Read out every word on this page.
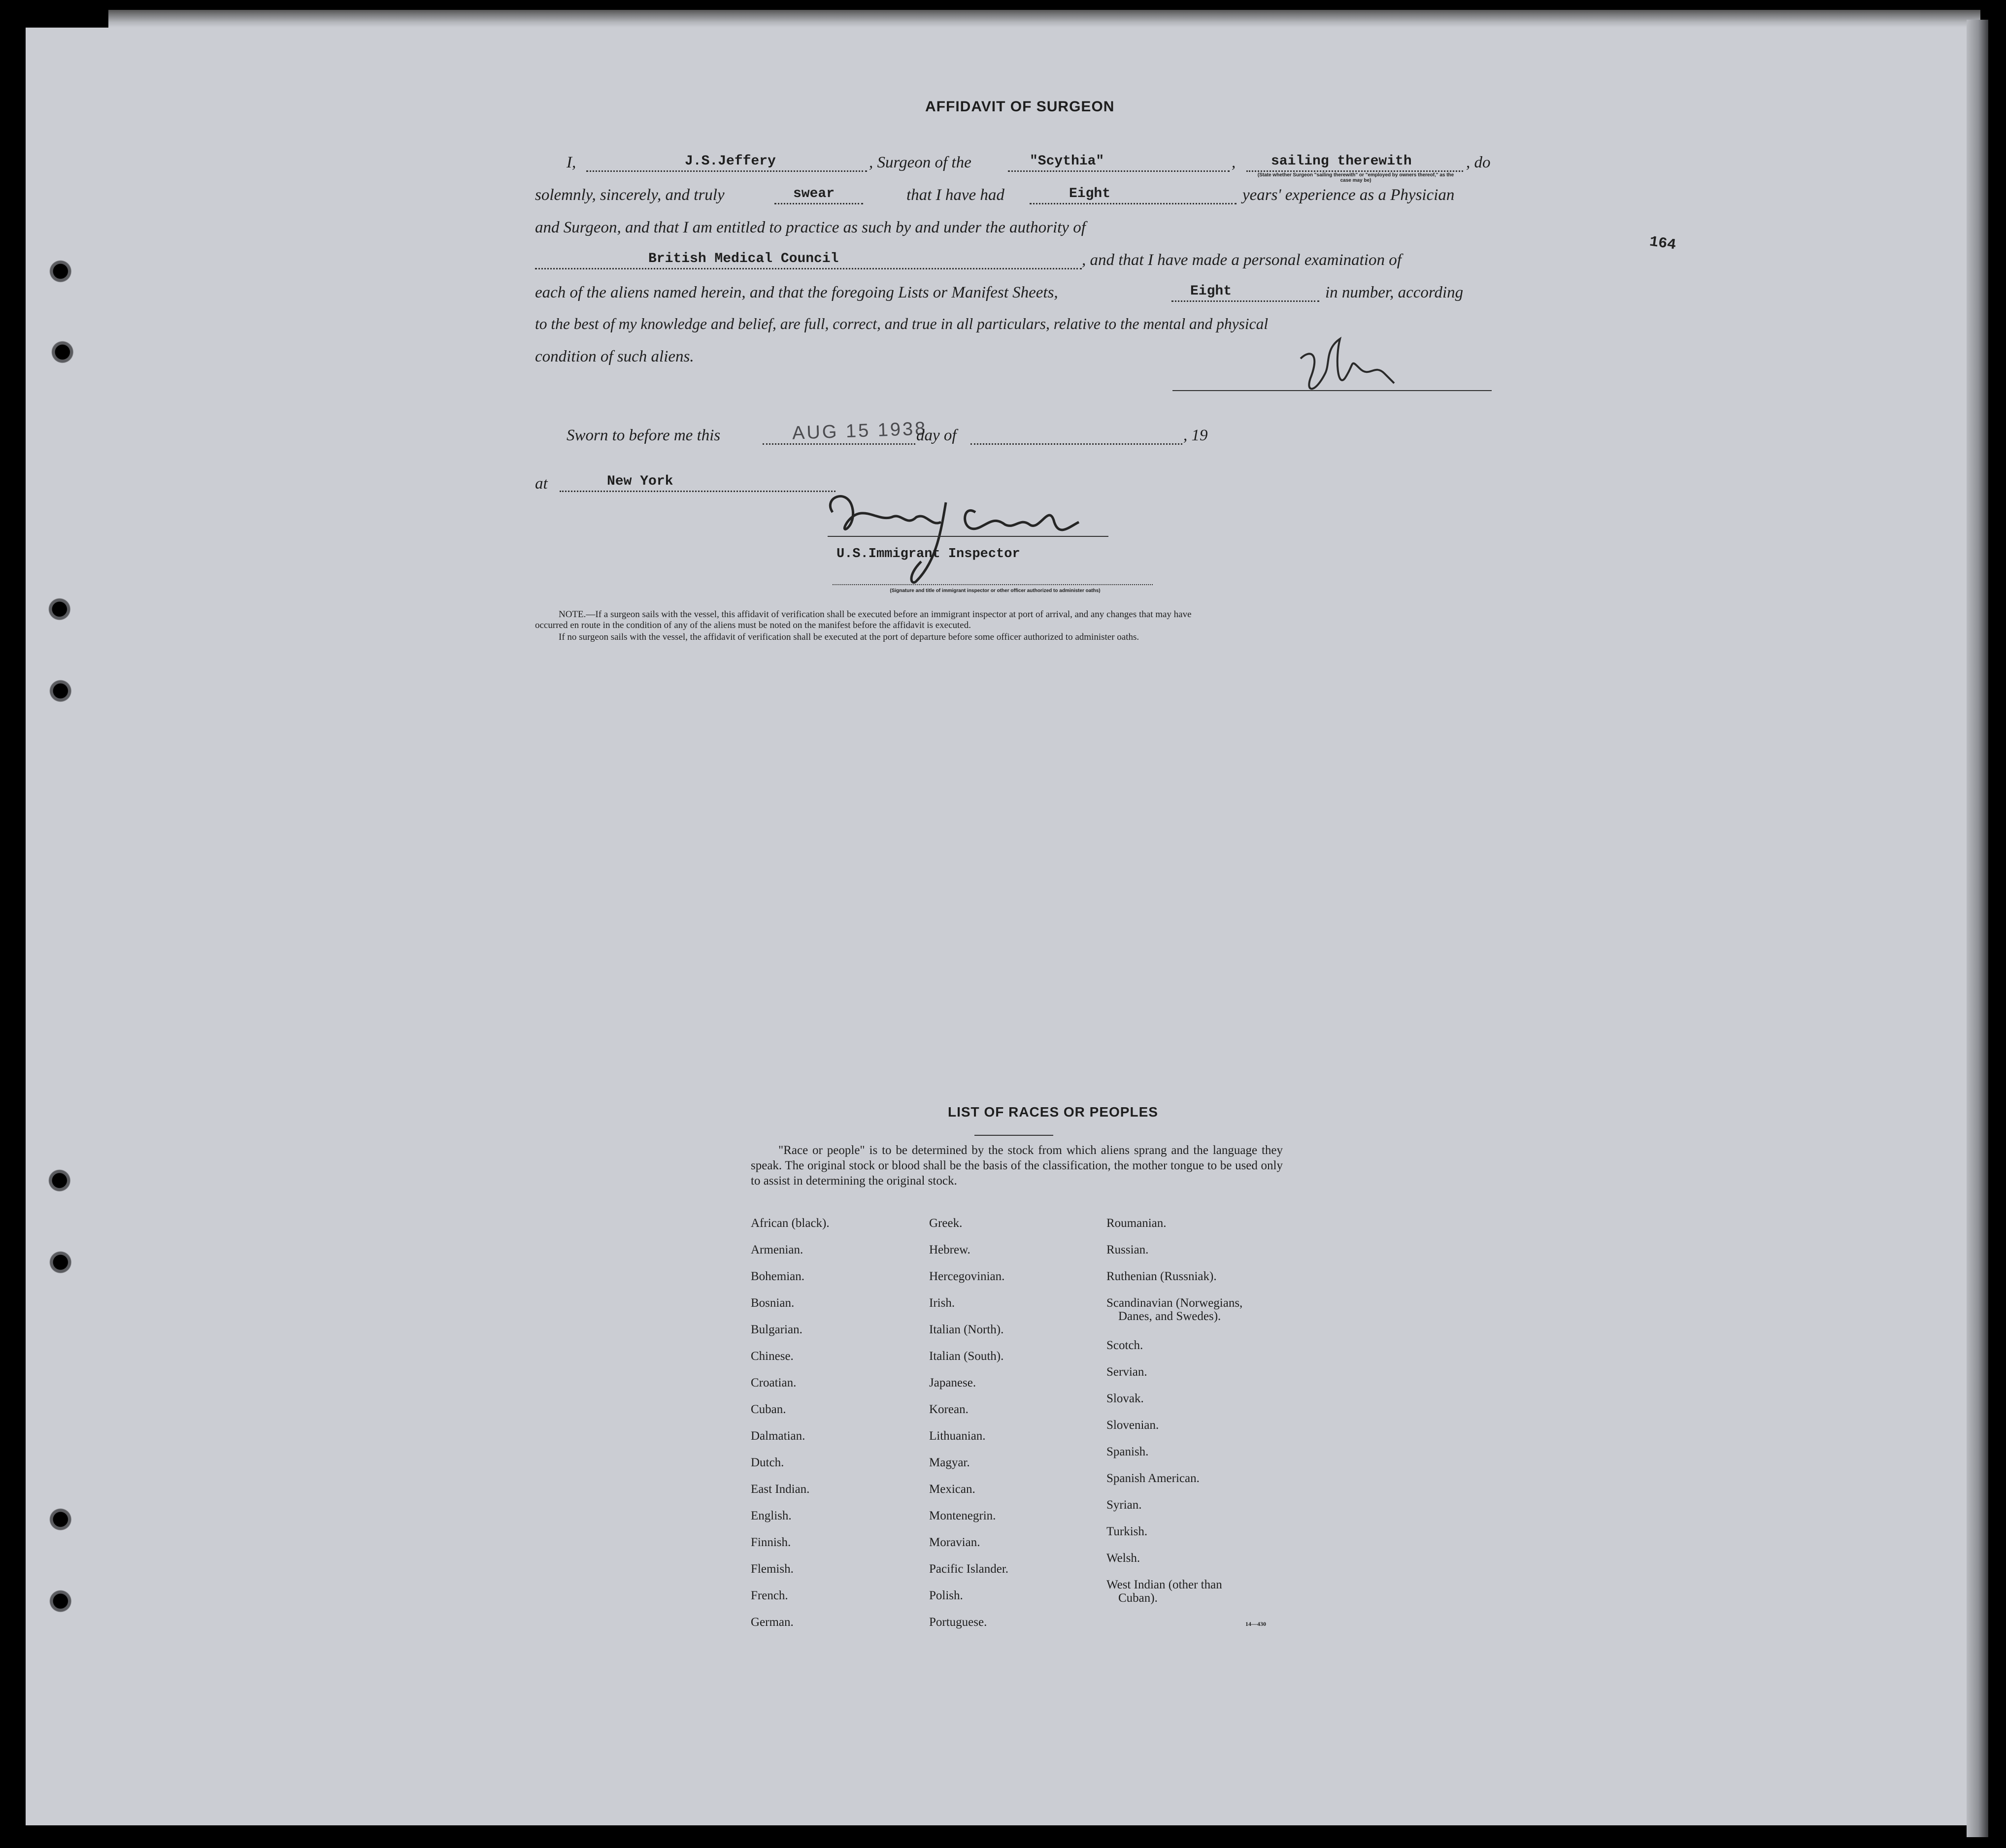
164
AFFIDAVIT OF SURGEON
I,	J.S.Jeffery	, Surgeon of the	"Scythia"	,	sailing therewith
(State whether Surgeon "sailing therewith" or "employed by owners thereof," as the case may be)
, do
solemnly, sincerely, and truly	swear	that I have had	Eight	years' experience as a Physician
and Surgeon, and that I am entitled to practice as such by and under the authority of
British Medical Council	, and that I have made a personal examination of
each of the aliens named herein, and that the foregoing Lists or Manifest Sheets,	Eight	in number, according
to the best of my knowledge and belief, are full, correct, and true in all particulars, relative to the mental and physical
condition of such aliens.
Sworn to before me this	AUG 15 1938
day of	, 19
at	New York
U.S.Immigrant Inspector
(Signature and title of immigrant inspector or other officer authorized to administer oaths)
NOTE.—If a surgeon sails with the vessel, this affidavit of verification shall be executed before an immigrant inspector at port of arrival, and any changes that may have
occurred en route in the condition of any of the aliens must be noted on the manifest before the affidavit is executed.
If no surgeon sails with the vessel, the affidavit of verification shall be executed at the port of departure before some officer authorized to administer oaths.
LIST OF RACES OR PEOPLES
"Race or people" is to be determined by the stock from which aliens sprang and the language they speak. The original stock or blood shall be the basis of the classification, the mother tongue to be used only to assist in determining the original stock.
African (black).
Armenian.
Bohemian.
Bosnian.
Bulgarian.
Chinese.
Croatian.
Cuban.
Dalmatian.
Dutch.
East Indian.
English.
Finnish.
Flemish.
French.
German.
Greek.
Hebrew.
Hercegovinian.
Irish.
Italian (North).
Italian (South).
Japanese.
Korean.
Lithuanian.
Magyar.
Mexican.
Montenegrin.
Moravian.
Pacific Islander.
Polish.
Portuguese.
Roumanian.
Russian.
Ruthenian (Russniak).
Scandinavian (Norwegians,
Danes, and Swedes).
Scotch.
Servian.
Slovak.
Slovenian.
Spanish.
Spanish American.
Syrian.
Turkish.
Welsh.
West Indian (other than
Cuban).
14—430
